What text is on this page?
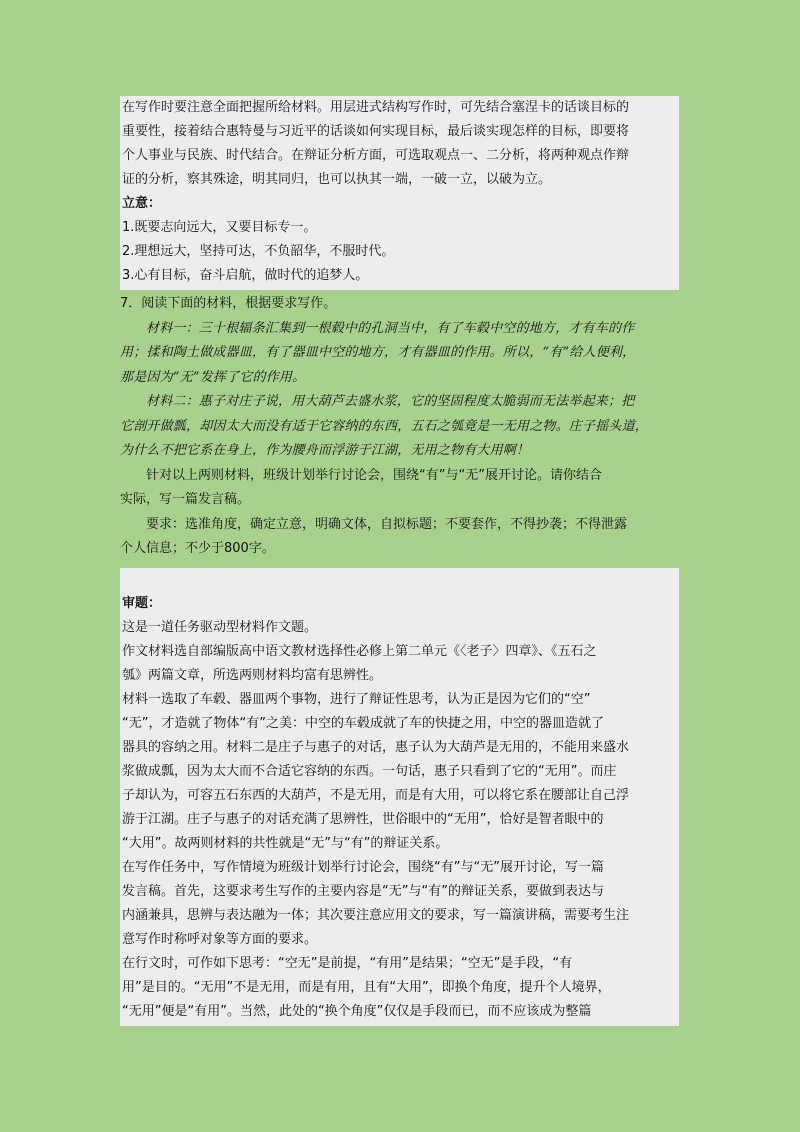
在写作时要注意全面把握所给材料。用层进式结构写作时，可先结合塞涅卡的话谈目标的
重要性，接着结合惠特曼与习近平的话谈如何实现目标，最后谈实现怎样的目标，即要将
个人事业与民族、时代结合。在辩证分析方面，可选取观点一、二分析，将两种观点作辩
证的分析，察其殊途，明其同归，也可以执其一端，一破一立，以破为立。
立意：
1.既要志向远大，又要目标专一。
2.理想远大，坚持可达，不负韶华，不服时代。
3.心有目标，奋斗启航，做时代的追梦人。
7．阅读下面的材料，根据要求写作。
材料一：三十根辐条汇集到一根毂中的孔洞当中，有了车毂中空的地方，才有车的作
用；揉和陶土做成器皿，有了器皿中空的地方，才有器皿的作用。所以，“有”给人便利，
那是因为“无”发挥了它的作用。
材料二：惠子对庄子说，用大葫芦去盛水浆，它的坚固程度太脆弱而无法举起来；把
它剖开做瓢，却因太大而没有适于它容纳的东西，五石之瓠竟是一无用之物。庄子摇头道，
为什么不把它系在身上，作为腰舟而浮游于江湖，无用之物有大用啊！
针对以上两则材料，班级计划举行讨论会，围绕“有”与“无”展开讨论。请你结合
实际，写一篇发言稿。
要求：选准角度，确定立意，明确文体，自拟标题；不要套作，不得抄袭；不得泄露
个人信息；不少于800字。
审题：
这是一道任务驱动型材料作文题。
作文材料选自部编版高中语文教材选择性必修上第二单元《〈老子〉四章》、《五石之
瓠》两篇文章，所选两则材料均富有思辨性。
材料一选取了车毂、器皿两个事物，进行了辩证性思考，认为正是因为它们的“空”
“无”，才造就了物体“有”之美：中空的车毂成就了车的快捷之用，中空的器皿造就了
器具的容纳之用。材料二是庄子与惠子的对话，惠子认为大葫芦是无用的，不能用来盛水
浆做成瓢，因为太大而不合适它容纳的东西。一句话，惠子只看到了它的“无用”。而庄
子却认为，可容五石东西的大葫芦，不是无用，而是有大用，可以将它系在腰部让自己浮
游于江湖。庄子与惠子的对话充满了思辨性，世俗眼中的“无用”，恰好是智者眼中的
“大用”。故两则材料的共性就是“无”与“有”的辩证关系。
在写作任务中，写作情境为班级计划举行讨论会，围绕“有”与“无”展开讨论，写一篇
发言稿。首先，这要求考生写作的主要内容是“无”与“有”的辩证关系，要做到表达与
内涵兼具，思辨与表达融为一体；其次要注意应用文的要求，写一篇演讲稿，需要考生注
意写作时称呼对象等方面的要求。
在行文时，可作如下思考：“空无”是前提，“有用”是结果；“空无”是手段，“有
用”是目的。“无用”不是无用，而是有用，且有“大用”，即换个角度，提升个人境界，
“无用”便是“有用”。当然，此处的“换个角度”仅仅是手段而已，而不应该成为整篇
